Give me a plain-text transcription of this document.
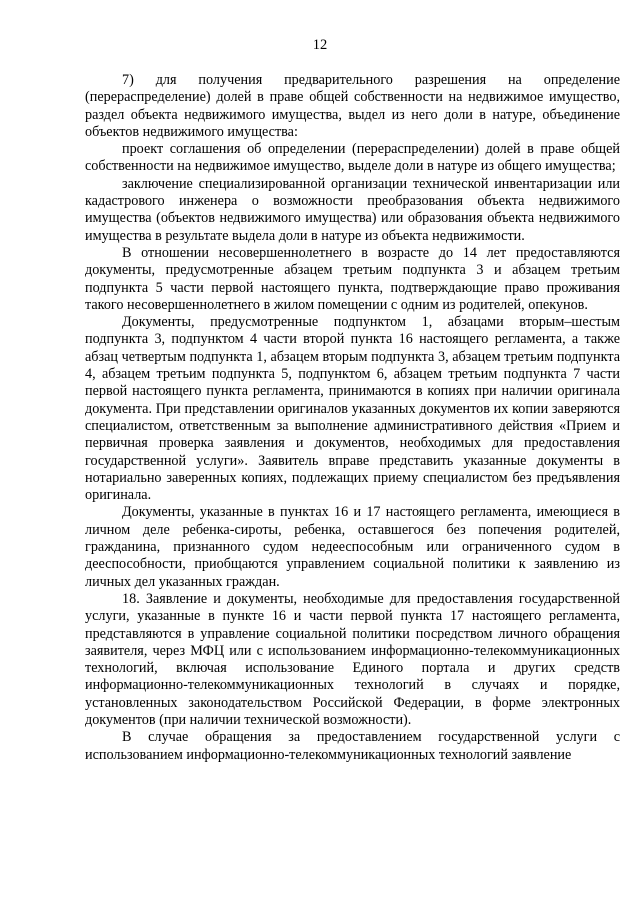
12

7) для получения предварительного разрешения на определение (перераспределение) долей в праве общей собственности на недвижимое имущество, раздел объекта недвижимого имущества, выдел из него доли в натуре, объединение объектов недвижимого имущества:

проект соглашения об определении (перераспределении) долей в праве общей собственности на недвижимое имущество, выделе доли в натуре из общего имущества;

заключение специализированной организации технической инвентаризации или кадастрового инженера о возможности преобразования объекта недвижимого имущества (объектов недвижимого имущества) или образования объекта недвижимого имущества в результате выдела доли в натуре из объекта недвижимости.

В отношении несовершеннолетнего в возрасте до 14 лет предоставляются документы, предусмотренные абзацем третьим подпункта 3 и абзацем третьим подпункта 5 части первой настоящего пункта, подтверждающие право проживания такого несовершеннолетнего в жилом помещении с одним из родителей, опекунов.

Документы, предусмотренные подпунктом 1, абзацами вторым–шестым подпункта 3, подпунктом 4 части второй пункта 16 настоящего регламента, а также абзац четвертым подпункта 1, абзацем вторым подпункта 3, абзацем третьим подпункта 4, абзацем третьим подпункта 5, подпунктом 6, абзацем третьим подпункта 7 части первой настоящего пункта регламента, принимаются в копиях при наличии оригинала документа. При представлении оригиналов указанных документов их копии заверяются специалистом, ответственным за выполнение административного действия «Прием и первичная проверка заявления и документов, необходимых для предоставления государственной услуги». Заявитель вправе представить указанные документы в нотариально заверенных копиях, подлежащих приему специалистом без предъявления оригинала.

Документы, указанные в пунктах 16 и 17 настоящего регламента, имеющиеся в личном деле ребенка-сироты, ребенка, оставшегося без попечения родителей, гражданина, признанного судом недееспособным или ограниченного судом в дееспособности, приобщаются управлением социальной политики к заявлению из личных дел указанных граждан.

18. Заявление и документы, необходимые для предоставления государственной услуги, указанные в пункте 16 и части первой пункта 17 настоящего регламента, представляются в управление социальной политики посредством личного обращения заявителя, через МФЦ или с использованием информационно-телекоммуникационных технологий, включая использование Единого портала и других средств информационно-телекоммуникационных технологий в случаях и порядке, установленных законодательством Российской Федерации, в форме электронных документов (при наличии технической возможности).

В случае обращения за предоставлением государственной услуги с использованием информационно-телекоммуникационных технологий заявление
